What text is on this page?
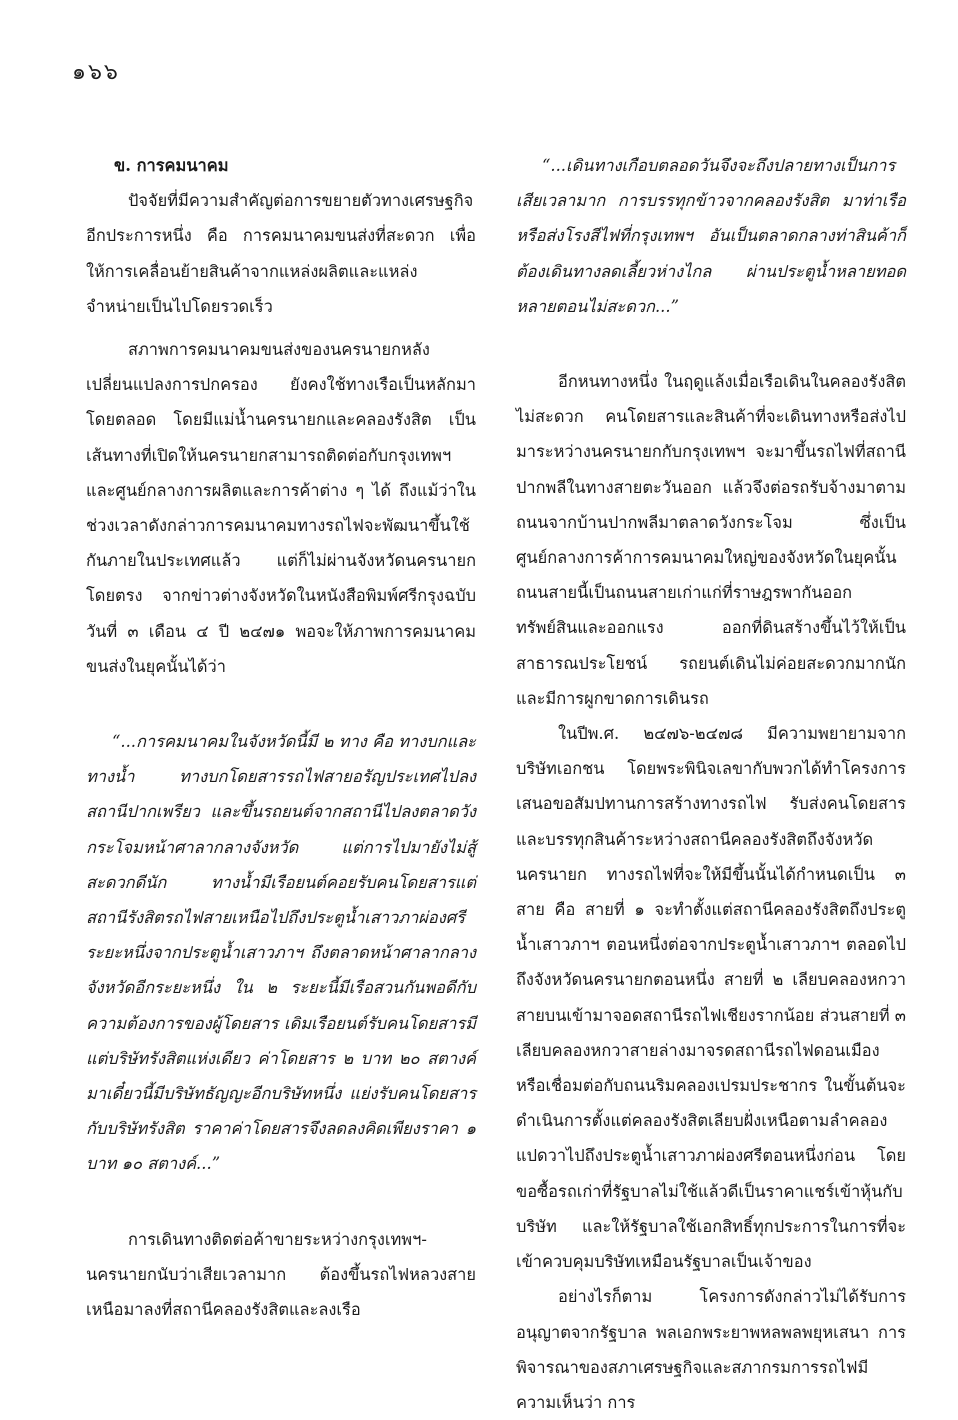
๑๖๖

ข. การคมนาคม

ปัจจัยที่มีความสำคัญต่อการขยายตัวทางเศรษฐกิจอีกประการหนึ่ง คือ การคมนาคมขนส่งที่สะดวก เพื่อให้การเคลื่อนย้ายสินค้าจากแหล่งผลิตและแหล่งจำหน่ายเป็นไปโดยรวดเร็ว

สภาพการคมนาคมขนส่งของนครนายกหลังเปลี่ยนแปลงการปกครอง ยังคงใช้ทางเรือเป็นหลักมาโดยตลอด โดยมีแม่น้ำนครนายกและคลองรังสิต เป็นเส้นทางที่เปิดให้นครนายกสามารถติดต่อกับกรุงเทพฯ และศูนย์กลางการผลิตและการค้าต่าง ๆ ได้ ถึงแม้ว่าในช่วงเวลาดังกล่าวการคมนาคมทางรถไฟจะพัฒนาขึ้นใช้กันภายในประเทศแล้ว แต่ก็ไม่ผ่านจังหวัดนครนายกโดยตรง จากข่าวต่างจังหวัดในหนังสือพิมพ์ศรีกรุงฉบับวันที่ ๓ เดือน ๔ ปี ๒๔๗๑ พอจะให้ภาพการคมนาคมขนส่งในยุคนั้นได้ว่า

“...การคมนาคมในจังหวัดนี้มี ๒ ทาง คือ ทางบกและทางน้ำ ทางบกโดยสารรถไฟสายอรัญประเทศไปลงสถานีปากเพรียว และขึ้นรถยนต์จากสถานีไปลงตลาดวังกระโจมหน้าศาลากลางจังหวัด แต่การไปมายังไม่สู้สะดวกดีนัก ทางน้ำมีเรือยนต์คอยรับคนโดยสารแต่สถานีรังสิตรถไฟสายเหนือไปถึงประตูน้ำเสาวภาผ่องศรี ระยะหนึ่งจากประตูน้ำเสาวภาฯ ถึงตลาดหน้าศาลากลางจังหวัดอีกระยะหนึ่ง ใน ๒ ระยะนี้มีเรือสวนกันพอดีกับความต้องการของผู้โดยสาร เดิมเรือยนต์รับคนโดยสารมีแต่บริษัทรังสิตแห่งเดียว ค่าโดยสาร ๒ บาท ๒๐ สตางค์ มาเดี๋ยวนี้มีบริษัทธัญญะอีกบริษัทหนึ่ง แย่งรับคนโดยสารกับบริษัทรังสิต ราคาค่าโดยสารจึงลดลงคิดเพียงราคา ๑ บาท ๑๐ สตางค์...”

การเดินทางติดต่อค้าขายระหว่างกรุงเทพฯ-นครนายกนับว่าเสียเวลามาก ต้องขึ้นรถไฟหลวงสายเหนือมาลงที่สถานีคลองรังสิตและลงเรือ

“...เดินทางเกือบตลอดวันจึงจะถึงปลายทางเป็นการเสียเวลามาก การบรรทุกข้าวจากคลองรังสิต มาท่าเรือหรือส่งโรงสีไฟที่กรุงเทพฯ อันเป็นตลาดกลางท่าสินค้าก็ต้องเดินทางลดเลี้ยวห่างไกล ผ่านประตูน้ำหลายทอดหลายตอนไม่สะดวก...”

อีกหนทางหนึ่ง ในฤดูแล้งเมื่อเรือเดินในคลองรังสิตไม่สะดวก คนโดยสารและสินค้าที่จะเดินทางหรือส่งไปมาระหว่างนครนายกกับกรุงเทพฯ จะมาขึ้นรถไฟที่สถานีปากพลีในทางสายตะวันออก แล้วจึงต่อรถรับจ้างมาตามถนนจากบ้านปากพลีมาตลาดวังกระโจม ซึ่งเป็นศูนย์กลางการค้าการคมนาคมใหญ่ของจังหวัดในยุคนั้น ถนนสายนี้เป็นถนนสายเก่าแก่ที่ราษฎรพากันออกทรัพย์สินและออกแรง ออกที่ดินสร้างขึ้นไว้ให้เป็นสาธารณประโยชน์ รถยนต์เดินไม่ค่อยสะดวกมากนักและมีการผูกขาดการเดินรถ

ในปีพ.ศ. ๒๔๗๖-๒๔๗๘ มีความพยายามจากบริษัทเอกชน โดยพระพินิจเลขากับพวกได้ทำโครงการเสนอขอสัมปทานการสร้างทางรถไฟ รับส่งคนโดยสารและบรรทุกสินค้าระหว่างสถานีคลองรังสิตถึงจังหวัดนครนายก ทางรถไฟที่จะให้มีขึ้นนั้นได้กำหนดเป็น ๓ สาย คือ สายที่ ๑ จะทำตั้งแต่สถานีคลองรังสิตถึงประตูน้ำเสาวภาฯ ตอนหนึ่งต่อจากประตูน้ำเสาวภาฯ ตลอดไปถึงจังหวัดนครนายกตอนหนึ่ง สายที่ ๒ เลียบคลองหกวาสายบนเข้ามาจอดสถานีรถไฟเชียงรากน้อย ส่วนสายที่ ๓ เลียบคลองหกวาสายล่างมาจรดสถานีรถไฟดอนเมือง หรือเชื่อมต่อกับถนนริมคลองเปรมประชากร ในขั้นต้นจะดำเนินการตั้งแต่คลองรังสิตเลียบฝั่งเหนือตามลำคลองแปดวาไปถึงประตูน้ำเสาวภาผ่องศรีตอนหนึ่งก่อน โดยขอซื้อรถเก่าที่รัฐบาลไม่ใช้แล้วดีเป็นราคาแชร์เข้าหุ้นกับบริษัท และให้รัฐบาลใช้เอกสิทธิ์ทุกประการในการที่จะเข้าควบคุมบริษัทเหมือนรัฐบาลเป็นเจ้าของ

อย่างไรก็ตาม โครงการดังกล่าวไม่ได้รับการอนุญาตจากรัฐบาล พลเอกพระยาพหลพลพยุหเสนา การพิจารณาของสภาเศรษฐกิจและสภากรมการรถไฟมีความเห็นว่า การ
